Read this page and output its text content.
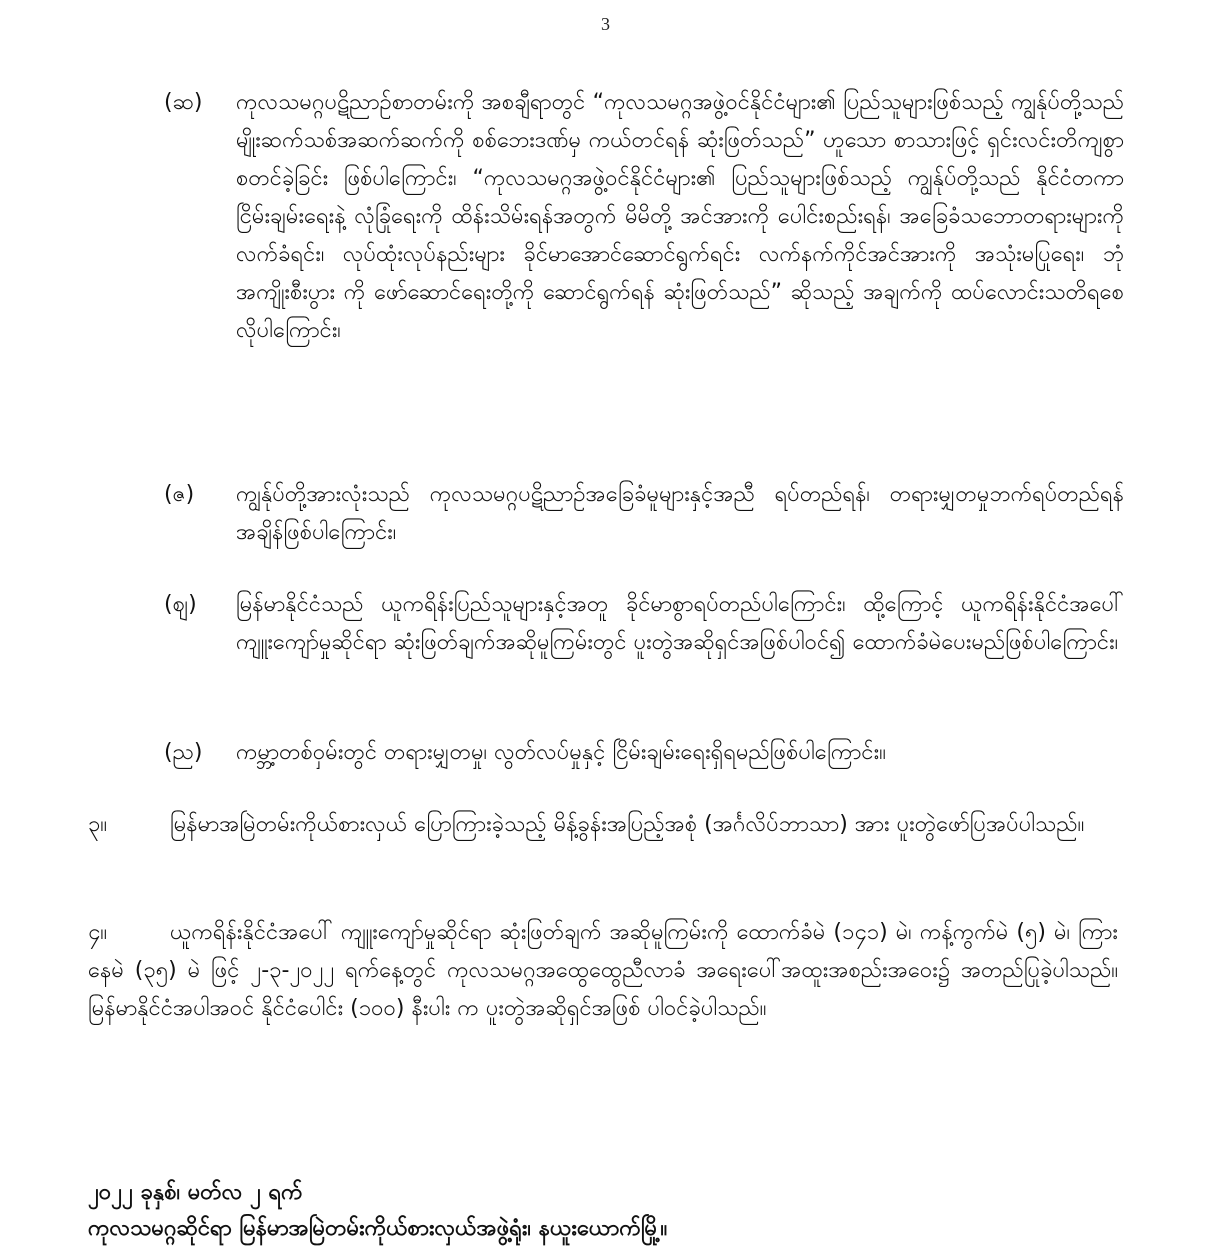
3
(ဆ)	ကုလသမဂ္ဂပဋိညာဉ်စာတမ်းကို အစချီရာတွင် “ကုလသမဂ္ဂအဖွဲ့ဝင်နိုင်ငံများ၏ ပြည်သူများဖြစ်သည့် ကျွန်ုပ်တို့သည် မျိုးဆက်သစ်အဆက်ဆက်ကို စစ်ဘေးဒဏ်မှ ကယ်တင်ရန် ဆုံးဖြတ်သည်” ဟူသော စာသားဖြင့် ရှင်းလင်းတိကျစွာ စတင်ခဲ့ခြင်း ဖြစ်ပါကြောင်း၊ “ကုလသမဂ္ဂအဖွဲ့ဝင်နိုင်ငံများ၏ ပြည်သူများဖြစ်သည့် ကျွန်ုပ်တို့သည် နိုင်ငံတကာငြိမ်းချမ်းရေးနဲ့ လုံခြုံရေးကို ထိန်းသိမ်းရန်အတွက် မိမိတို့ အင်အားကို ပေါင်းစည်းရန်၊ အခြေခံသဘောတရားများကို လက်ခံရင်း၊ လုပ်ထုံးလုပ်နည်းများ ခိုင်မာအောင်ဆောင်ရွက်ရင်း လက်နက်ကိုင်အင်အားကို အသုံးမပြုရေး၊ ဘုံအကျိုးစီးပွား ကို ဖော်ဆောင်ရေးတို့ကို ဆောင်ရွက်ရန် ဆုံးဖြတ်သည်” ဆိုသည့် အချက်ကို ထပ်လောင်းသတိရစေလိုပါကြောင်း၊
(ဇ)	ကျွန်ုပ်တို့အားလုံးသည် ကုလသမဂ္ဂပဋိညာဉ်အခြေခံမူများနှင့်အညီ ရပ်တည်ရန်၊ တရားမျှတမှုဘက်ရပ်တည်ရန် အချိန်ဖြစ်ပါကြောင်း၊
(ဈ)	မြန်မာနိုင်ငံသည် ယူကရိန်းပြည်သူများနှင့်အတူ ခိုင်မာစွာရပ်တည်ပါကြောင်း၊ ထို့ကြောင့် ယူကရိန်းနိုင်ငံအပေါ် ကျူးကျော်မှုဆိုင်ရာ ဆုံးဖြတ်ချက်အဆိုမူကြမ်းတွင် ပူးတွဲအဆိုရှင်အဖြစ်ပါဝင်၍ ထောက်ခံမဲပေးမည်ဖြစ်ပါကြောင်း၊
(ည)	ကမ္ဘာ့တစ်ဝှမ်းတွင် တရားမျှတမှု၊ လွတ်လပ်မှုနှင့် ငြိမ်းချမ်းရေးရှိရမည်ဖြစ်ပါကြောင်း။
၃။	မြန်မာအမြဲတမ်းကိုယ်စားလှယ် ပြောကြားခဲ့သည့် မိန့်ခွန်းအပြည့်အစုံ (အင်္ဂလိပ်ဘာသာ) အား ပူးတွဲဖော်ပြအပ်ပါသည်။
၄။	ယူကရိန်းနိုင်ငံအပေါ် ကျူးကျော်မှုဆိုင်ရာ ဆုံးဖြတ်ချက် အဆိုမူကြမ်းကို ထောက်ခံမဲ (၁၄၁) မဲ၊ ကန့်ကွက်မဲ (၅) မဲ၊ ကြားနေမဲ (၃၅) မဲ ဖြင့် ၂-၃-၂၀၂၂ ရက်နေ့တွင် ကုလသမဂ္ဂအထွေထွေညီလာခံ အရေးပေါ်အထူးအစည်းအဝေး၌ အတည်ပြုခဲ့ပါသည်။ မြန်မာနိုင်ငံအပါအဝင် နိုင်ငံပေါင်း (၁၀၀) နီးပါး က ပူးတွဲအဆိုရှင်အဖြစ် ပါဝင်ခဲ့ပါသည်။
၂၀၂၂ ခုနှစ်၊ မတ်လ ၂ ရက်
ကုလသမဂ္ဂဆိုင်ရာ မြန်မာအမြဲတမ်းကိုယ်စားလှယ်အဖွဲ့ရုံး၊ နယူးယောက်မြို့။
